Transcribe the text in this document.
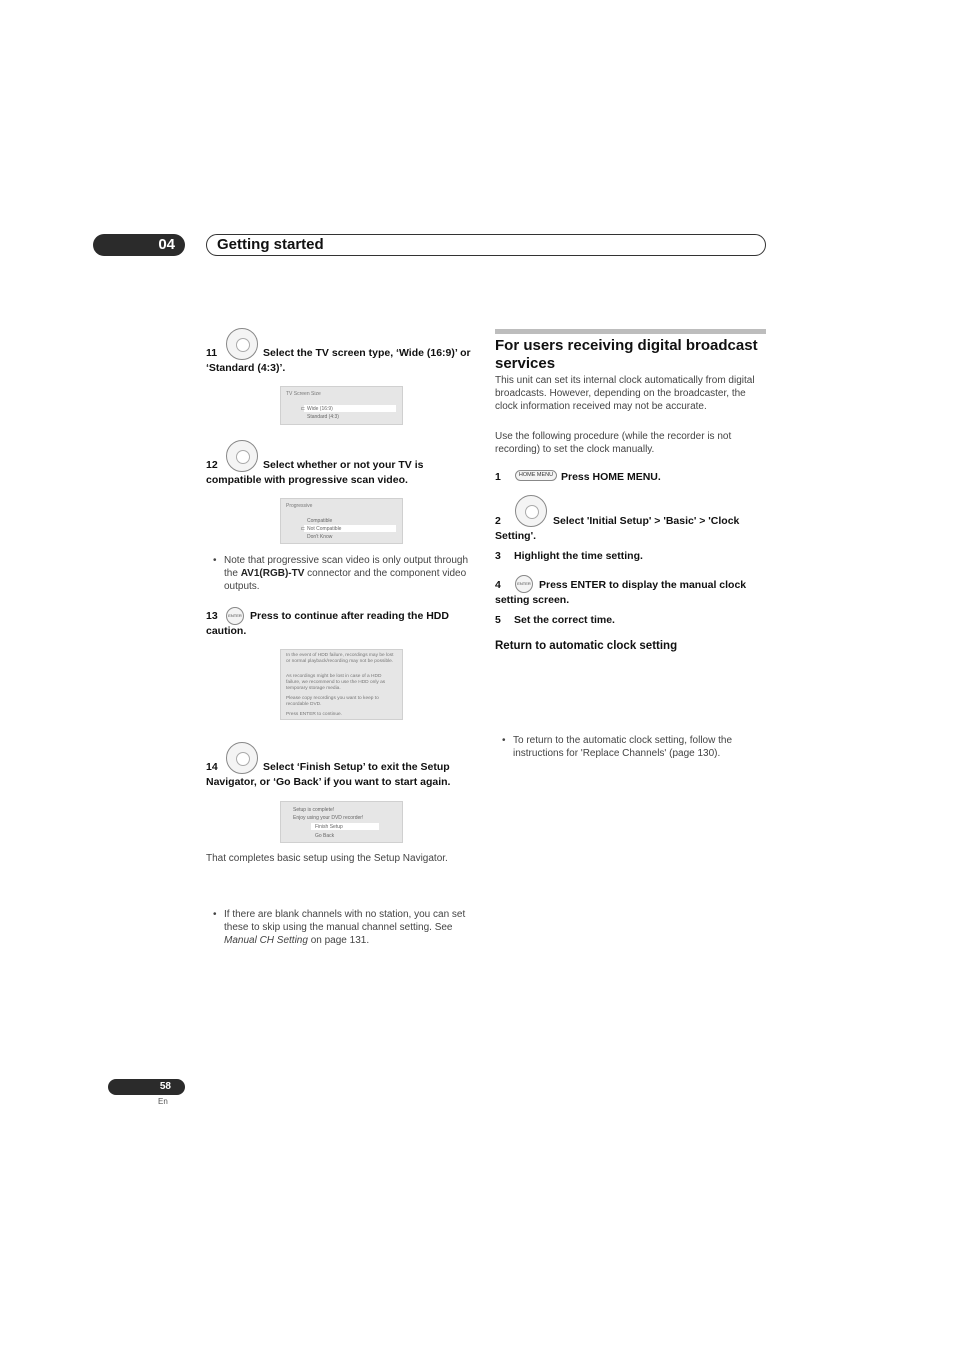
04	Getting started
11	Select the TV screen type, ‘Wide (16:9)’ or ‘Standard (4:3)’.
TV Screen Size
⊏ Wide (16:9)
Standard (4:3)
12	Select whether or not your TV is compatible with progressive scan video.
Progressive
Compatible
⊏ Not Compatible
Don't Know
• Note that progressive scan video is only output through the AV1(RGB)-TV connector and the component video outputs.
13	Press to continue after reading the HDD caution.
ENTER
In the event of HDD failure, recordings may be lost or normal playback/recording may not be possible.
As recordings might be lost in case of a HDD failure, we recommend to use the HDD only as temporary storage media.
Please copy recordings you want to keep to recordable DVD.
Press ENTER to continue.
14	Select ‘Finish Setup’ to exit the Setup Navigator, or ‘Go Back’ if you want to start again.
Setup is complete!
Enjoy using your DVD recorder!
Finish Setup
Go Back
That completes basic setup using the Setup Navigator.
• If there are blank channels with no station, you can set these to skip using the manual channel setting. See Manual CH Setting on page 131.
For users receiving digital broadcast services
This unit can set its internal clock automatically from digital broadcasts. However, depending on the broadcaster, the clock information received may not be accurate.
Use the following procedure (while the recorder is not recording) to set the clock manually.
1	Press HOME MENU.
HOME MENU
2	Select 'Initial Setup' > 'Basic' > 'Clock Setting'.
3 Highlight the time setting.
ENTER
4	Press ENTER to display the manual clock setting screen.
5 Set the correct time.
Return to automatic clock setting
• To return to the automatic clock setting, follow the instructions for 'Replace Channels' (page 130).
58
En
